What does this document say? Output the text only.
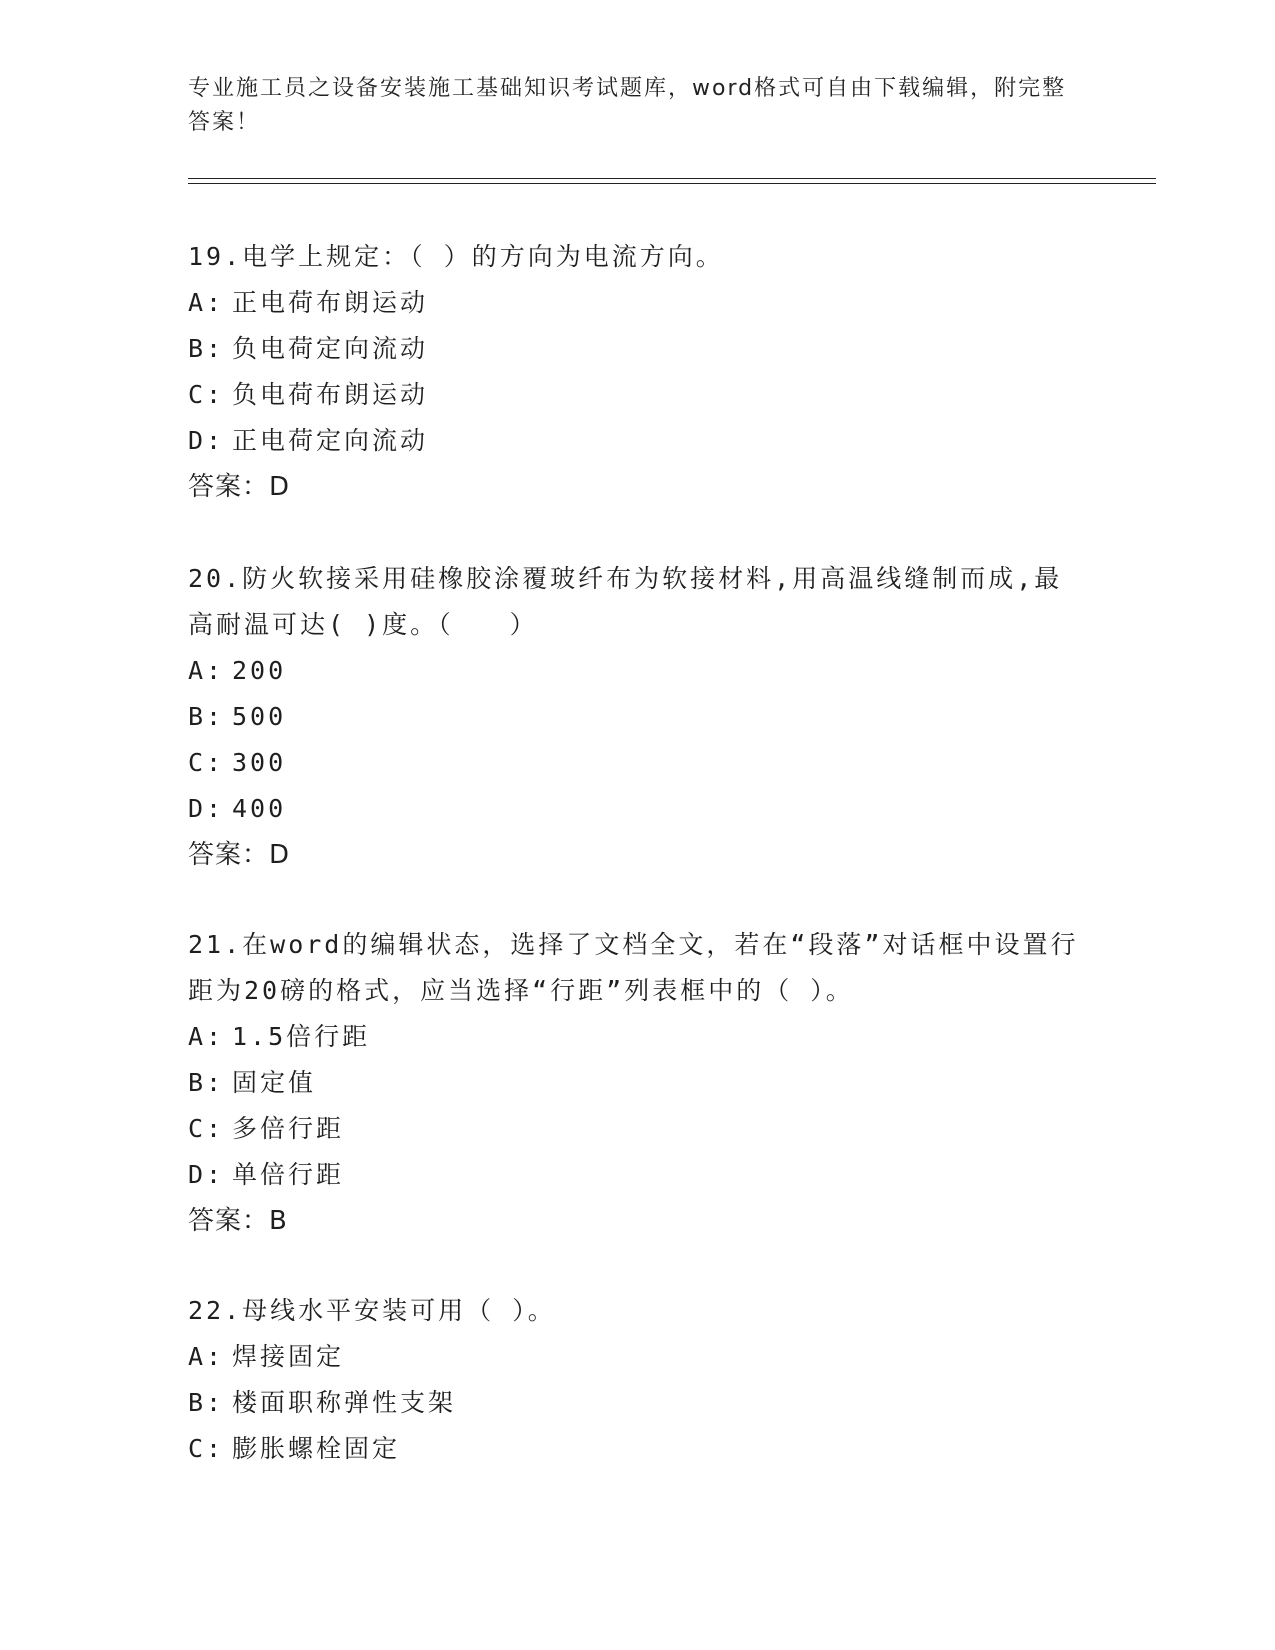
专业施工员之设备安装施工基础知识考试题库，word格式可自由下载编辑，附完整答案！
19.电学上规定：（ ）的方向为电流方向。
A: 正电荷布朗运动
B: 负电荷定向流动
C: 负电荷布朗运动
D: 正电荷定向流动
答案：D
20.防火软接采用硅橡胶涂覆玻纤布为软接材料,用高温线缝制而成,最高耐温可达( )度。（　　）
A: 200
B: 500
C: 300
D: 400
答案：D
21.在word的编辑状态，选择了文档全文，若在“段落”对话框中设置行距为20磅的格式，应当选择“行距”列表框中的（ ）。
A: 1.5倍行距
B: 固定值
C: 多倍行距
D: 单倍行距
答案：B
22.母线水平安装可用（ ）。
A: 焊接固定
B: 楼面职称弹性支架
C: 膨胀螺栓固定
